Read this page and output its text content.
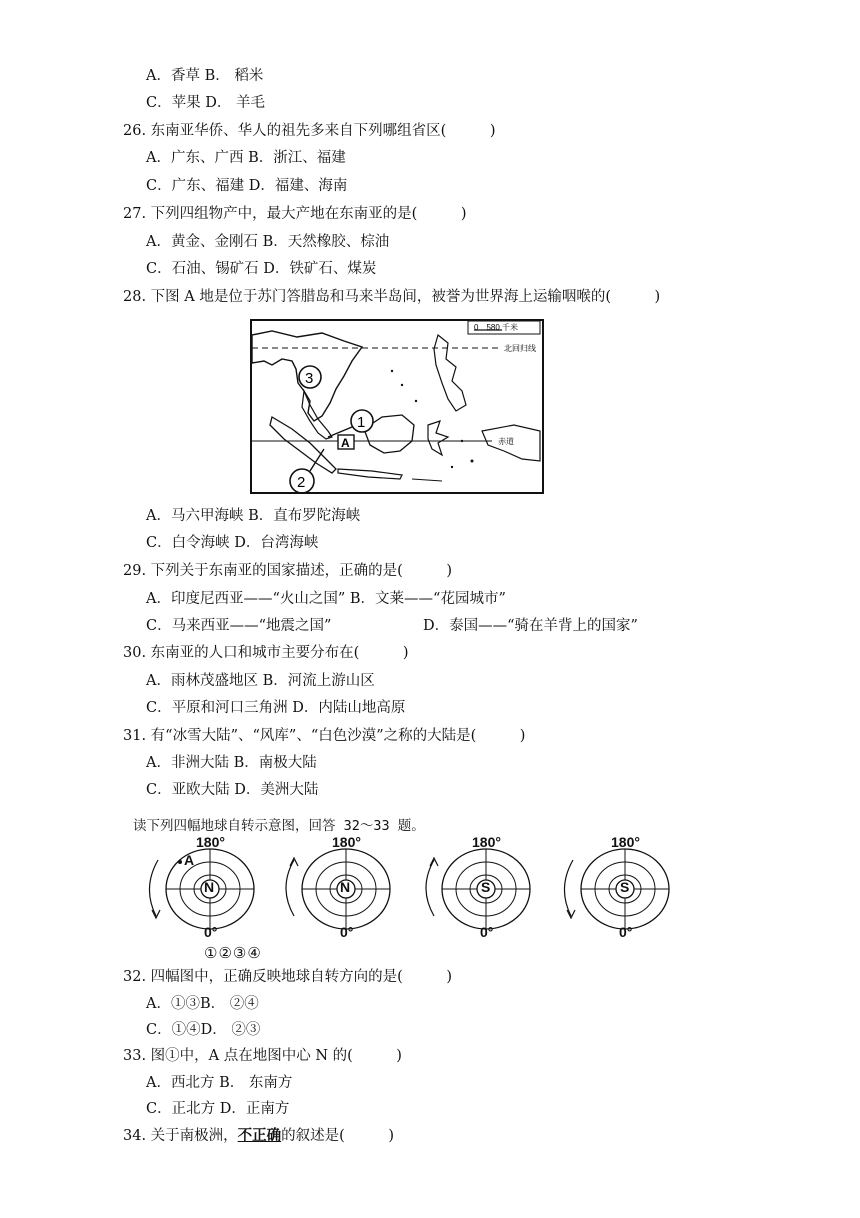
A．香草 B． 稻米
C．苹果 D． 羊毛
26. 东南亚华侨、华人的祖先多来自下列哪组省区(　　　)
A．广东、广西 B．浙江、福建
C．广东、福建 D．福建、海南
27. 下列四组物产中，最大产地在东南亚的是(　　　)
A．黄金、金刚石 B．天然橡胶、棕油
C．石油、锡矿石 D．铁矿石、煤炭
28. 下图 A 地是位于苏门答腊岛和马来半岛间，被誉为世界海上运输咽喉的(　　　)
0　580 千米
北回归线
赤道
3
1
A
2
A．马六甲海峡 B．直布罗陀海峡
C．白令海峡 D．台湾海峡
29. 下列关于东南亚的国家描述，正确的是(　　　)
A．印度尼西亚——“火山之国” B．文莱——“花园城市”
C．马来西亚——“地震之国”	D．泰国——“骑在羊背上的国家”
30. 东南亚的人口和城市主要分布在(　　　)
A．雨林茂盛地区 B．河流上游山区
C．平原和河口三角洲 D．内陆山地高原
31. 有“冰雪大陆”、“风库”、“白色沙漠”之称的大陆是(　　　)
A．非洲大陆 B．南极大陆
C．亚欧大陆 D．美洲大陆
读下列四幅地球自转示意图，回答 32～33 题。
180°
0°
N
A
180°
0°
N
180°
0°
S
180°
0°
S
①②③④
32. 四幅图中，正确反映地球自转方向的是(　　　)
A．①③B． ②④
C．①④D． ②③
33. 图①中，A 点在地图中心 N 的(　　　)
A．西北方 B． 东南方
C．正北方 D．正南方
34. 关于南极洲，不正确的叙述是(　　　)
